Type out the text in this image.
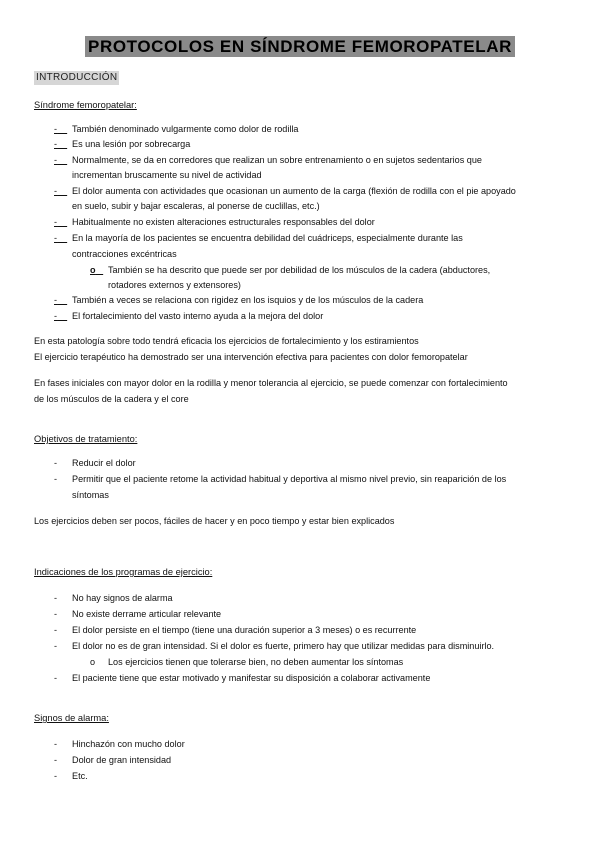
PROTOCOLOS EN SÍNDROME FEMOROPATELAR
INTRODUCCIÓN
Síndrome femoropatelar:
-	También denominado vulgarmente como dolor de rodilla
-	Es una lesión por sobrecarga
-	Normalmente, se da en corredores que realizan un sobre entrenamiento o en sujetos sedentarios que
incrementan bruscamente su nivel de actividad
-	El dolor aumenta con actividades que ocasionan un aumento de la carga (flexión de rodilla con el pie apoyado
en suelo, subir y bajar escaleras, al ponerse de cuclillas, etc.)
-	Habitualmente no existen alteraciones estructurales responsables del dolor
-	En la mayoría de los pacientes se encuentra debilidad del cuádriceps, especialmente durante las
contracciones excéntricas
o	También se ha descrito que puede ser por debilidad de los músculos de la cadera (abductores,
rotadores externos y extensores)
-	También a veces se relaciona con rigidez en los isquios y de los músculos de la cadera
-	El fortalecimiento del vasto interno ayuda a la mejora del dolor
En esta patología sobre todo tendrá eficacia los ejercicios de fortalecimiento y los estiramientos
El ejercicio terapéutico ha demostrado ser una intervención efectiva para pacientes con dolor femoropatelar
En fases iniciales con mayor dolor en la rodilla y menor tolerancia al ejercicio, se puede comenzar con fortalecimiento
de los músculos de la cadera y el core
Objetivos de tratamiento:
- Reducir el dolor
- Permitir que el paciente retome la actividad habitual y deportiva al mismo nivel previo, sin reaparición de los
síntomas
Los ejercicios deben ser pocos, fáciles de hacer y en poco tiempo y estar bien explicados
Indicaciones de los programas de ejercicio:
- No hay signos de alarma
- No existe derrame articular relevante
- El dolor persiste en el tiempo (tiene una duración superior a 3 meses) o es recurrente
- El dolor no es de gran intensidad. Si el dolor es fuerte, primero hay que utilizar medidas para disminuirlo.
o Los ejercicios tienen que tolerarse bien, no deben aumentar los síntomas
- El paciente tiene que estar motivado y manifestar su disposición a colaborar activamente
Signos de alarma:
- Hinchazón con mucho dolor
- Dolor de gran intensidad
- Etc.
